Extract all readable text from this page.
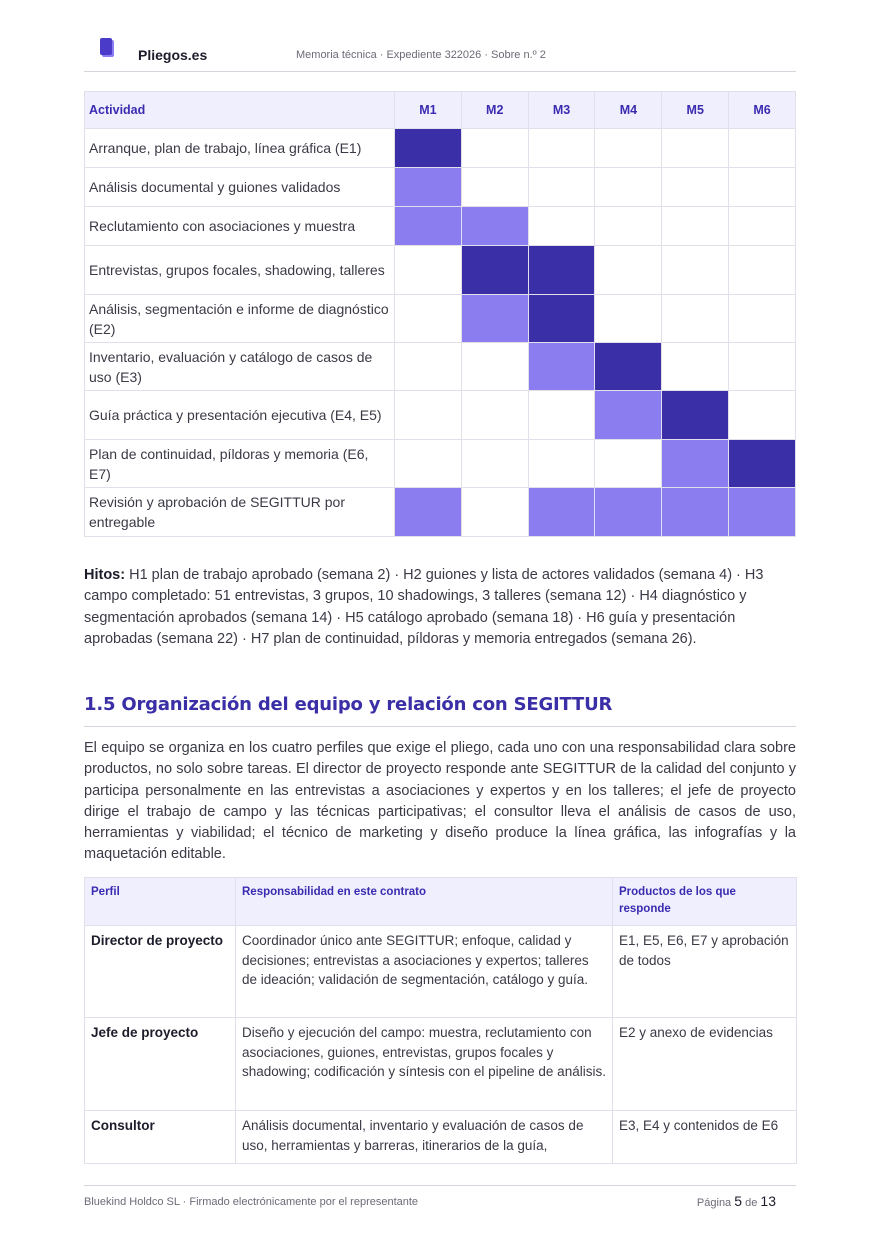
Pliegos.es	Memoria técnica · Expediente 322026 · Sobre n.º 2
Actividad	M1	M2	M3	M4	M5	M6
Arranque, plan de trabajo, línea gráfica (E1)						
Análisis documental y guiones validados						
Reclutamiento con asociaciones y muestra						
Entrevistas, grupos focales, shadowing, talleres						
Análisis, segmentación e informe de diagnóstico (E2)						
Inventario, evaluación y catálogo de casos de uso (E3)						
Guía práctica y presentación ejecutiva (E4, E5)						
Plan de continuidad, píldoras y memoria (E6, E7)						
Revisión y aprobación de SEGITTUR por entregable						
Hitos: H1 plan de trabajo aprobado (semana 2) · H2 guiones y lista de actores validados (semana 4) · H3 campo completado: 51 entrevistas, 3 grupos, 10 shadowings, 3 talleres (semana 12) · H4 diagnóstico y segmentación aprobados (semana 14) · H5 catálogo aprobado (semana 18) · H6 guía y presentación aprobadas (semana 22) · H7 plan de continuidad, píldoras y memoria entregados (semana 26).
1.5 Organización del equipo y relación con SEGITTUR
El equipo se organiza en los cuatro perfiles que exige el pliego, cada uno con una responsabilidad clara sobre productos, no solo sobre tareas. El director de proyecto responde ante SEGITTUR de la calidad del conjunto y participa personalmente en las entrevistas a asociaciones y expertos y en los talleres; el jefe de proyecto dirige el trabajo de campo y las técnicas participativas; el consultor lleva el análisis de casos de uso, herramientas y viabilidad; el técnico de marketing y diseño produce la línea gráfica, las infografías y la maquetación editable.
Perfil	Responsabilidad en este contrato	Productos de los que responde
Director de proyecto	Coordinador único ante SEGITTUR; enfoque, calidad y decisiones; entrevistas a asociaciones y expertos; talleres de ideación; validación de segmentación, catálogo y guía.	E1, E5, E6, E7 y aprobación de todos
Jefe de proyecto	Diseño y ejecución del campo: muestra, reclutamiento con asociaciones, guiones, entrevistas, grupos focales y shadowing; codificación y síntesis con el pipeline de análisis.	E2 y anexo de evidencias
Consultor	Análisis documental, inventario y evaluación de casos de uso, herramientas y barreras, itinerarios de la guía,	E3, E4 y contenidos de E6
Bluekind Holdco SL · Firmado electrónicamente por el representante	Página 5 de 13
